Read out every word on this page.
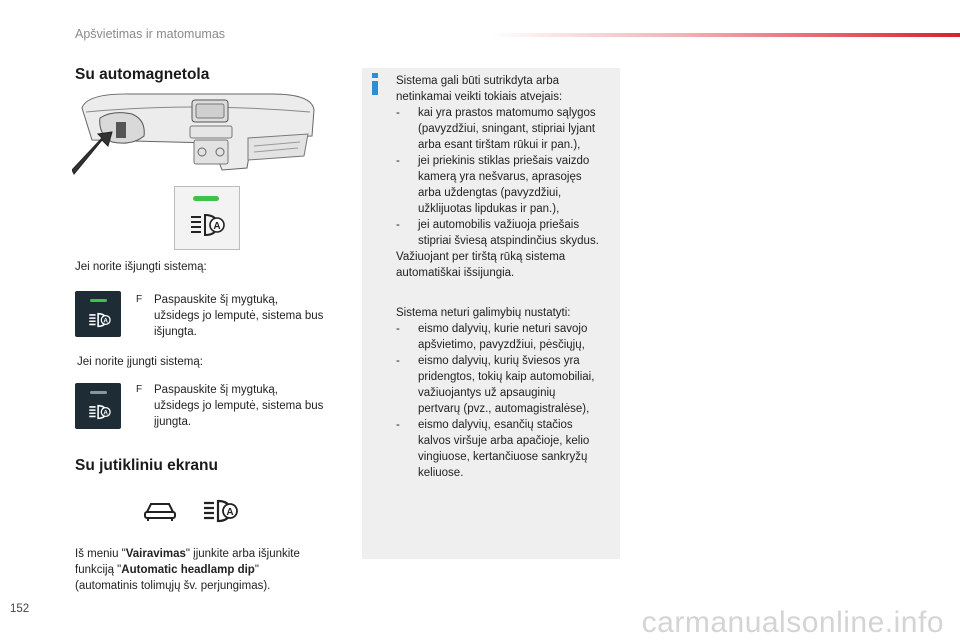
Apšvietimas ir matomumas
Su automagnetola
A
Jei norite išjungti sistemą:
A
F	Paspauskite šį mygtuką,
užsidegs jo lemputė, sistema bus
išjungta.
Jei norite įjungti sistemą:
A
F	Paspauskite šį mygtuką,
užsidegs jo lemputė, sistema bus
įjungta.
Su jutikliniu ekranu
A
Iš meniu "Vairavimas" įjunkite arba išjunkite
funkciją "Automatic headlamp dip"
(automatinis tolimųjų šv. perjungimas).

Sistema gali būti sutrikdyta arba
netinkamai veikti tokiais atvejais:

-	kai yra prastos matomumo sąlygos
(pavyzdžiui, sningant, stipriai lyjant
arba esant tirštam rūkui ir pan.),
-	jei priekinis stiklas priešais vaizdo
kamerą yra nešvarus, aprasojęs
arba uždengtas (pavyzdžiui,
užklijuotas lipdukas ir pan.),
-	jei automobilis važiuoja priešais
stipriai šviesą atspindinčius skydus.

Važiuojant per tirštą rūką sistema
automatiškai išsijungia.

Sistema neturi galimybių nustatyti:

-	eismo dalyvių, kurie neturi savojo
apšvietimo, pavyzdžiui, pėsčiųjų,
-	eismo dalyvių, kurių šviesos yra
pridengtos, tokių kaip automobiliai,
važiuojantys už apsauginių
pertvarų (pvz., automagistralėse),
-	eismo dalyvių, esančių stačios
kalvos viršuje arba apačioje, kelio
vingiuose, kertančiuose sankryžų
keliuose.
152	carmanualsonline.info
